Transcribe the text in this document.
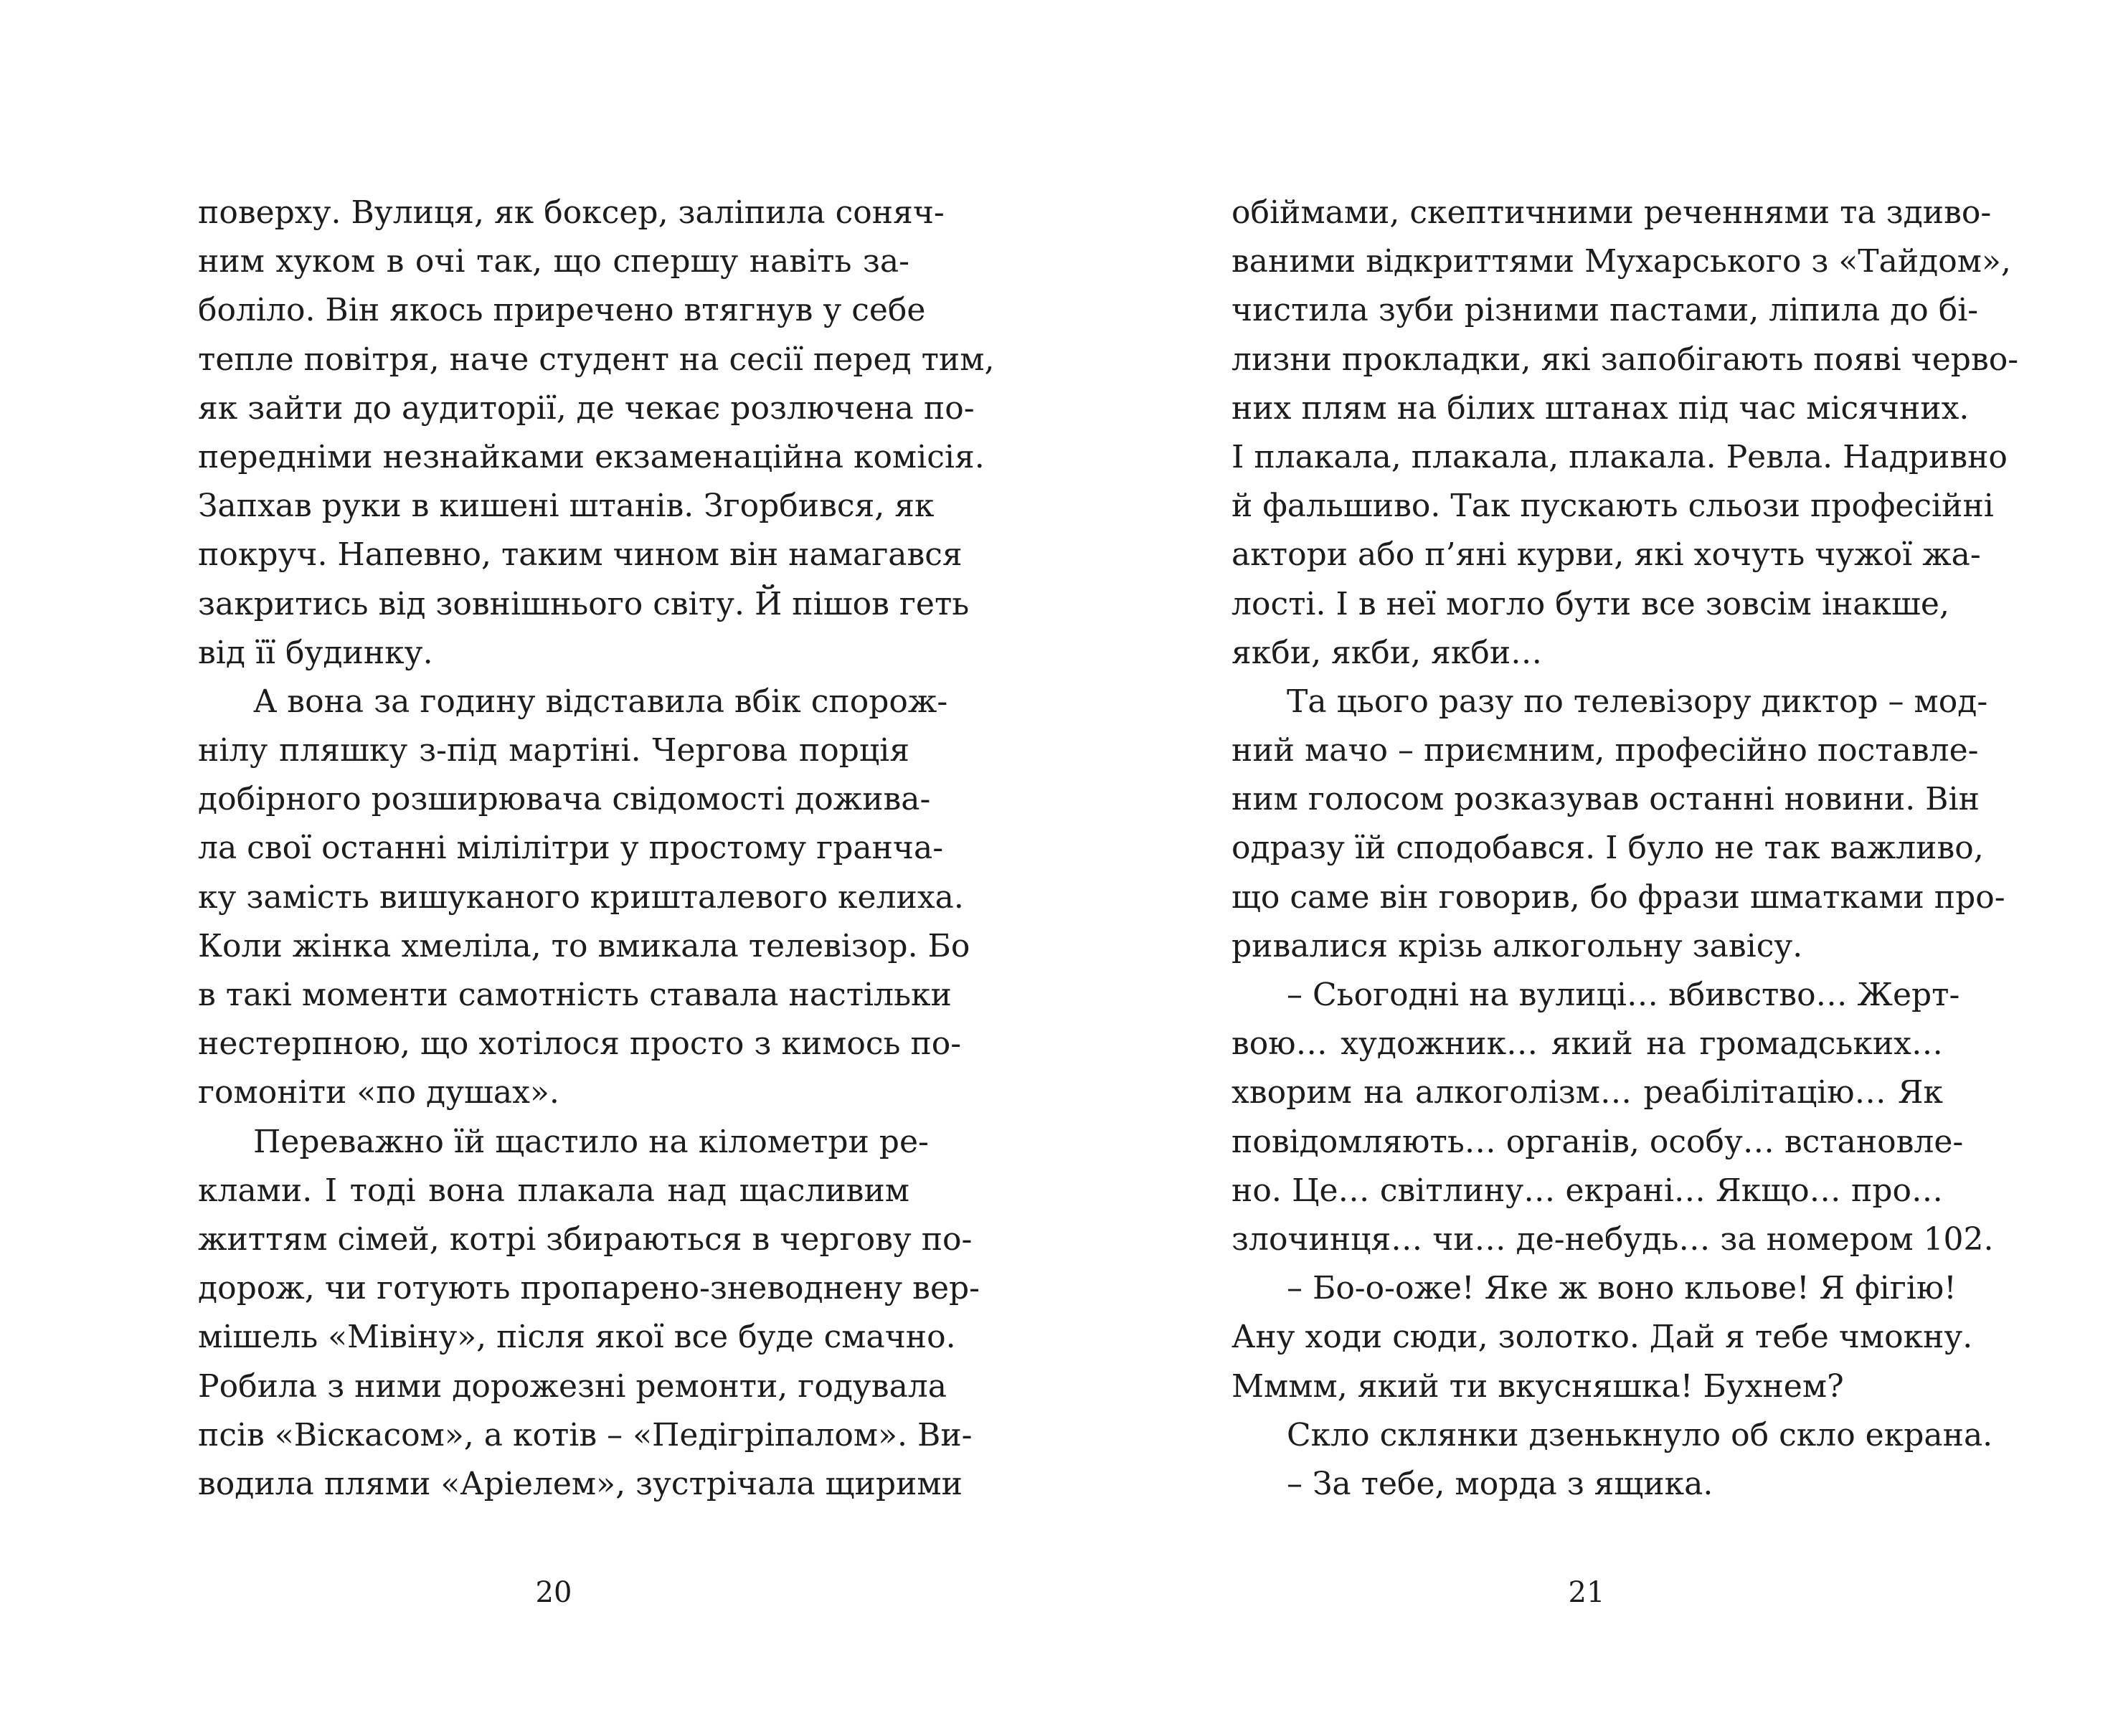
поверху. Вулиця, як боксер, заліпила соняч-
ним хуком в очі так, що спершу навіть за-
боліло. Він якось приречено втягнув у себе
тепле повітря, наче студент на сесії перед тим,
як зайти до аудиторії, де чекає розлючена по-
передніми незнайками екзаменаційна комісія.
Запхав руки в кишені штанів. Згорбився, як
покруч. Напевно, таким чином він намагався
закритись від зовнішнього світу. Й пішов геть
від її будинку.
А вона за годину відставила вбік спорож-
нілу пляшку з-під мартіні. Чергова порція
добірного розширювача свідомості дожива-
ла свої останні мілілітри у простому гранча-
ку замість вишуканого кришталевого келиха.
Коли жінка хмеліла, то вмикала телевізор. Бо
в такі моменти самотність ставала настільки
нестерпною, що хотілося просто з кимось по-
гомоніти «по душах».
Переважно їй щастило на кілометри ре-
клами. І тоді вона плакала над щасливим
життям сімей, котрі збираються в чергову по-
дорож, чи готують пропарено-зневоднену вер-
мішель «Мівіну», після якої все буде смачно.
Робила з ними дорожезні ремонти, годувала
псів «Віскасом», а котів – «Педігріпалом». Ви-
водила плями «Аріелем», зустрічала щирими
20
обіймами, скептичними реченнями та здиво-
ваними відкриттями Мухарського з «Тайдом»,
чистила зуби різними пастами, ліпила до бі-
лизни прокладки, які запобігають появі черво-
них плям на білих штанах під час місячних.
І плакала, плакала, плакала. Ревла. Надривно
й фальшиво. Так пускають сльози професійні
актори або п’яні курви, які хочуть чужої жа-
лості. І в неї могло бути все зовсім інакше,
якби, якби, якби…
Та цього разу по телевізору диктор – мод-
ний мачо – приємним, професійно поставле-
ним голосом розказував останні новини. Він
одразу їй сподобався. І було не так важливо,
що саме він говорив, бо фрази шматками про-
ривалися крізь алкогольну завісу.
– Сьогодні на вулиці… вбивство… Жерт-
вою… художник… який на громадських…
хворим на алкоголізм… реабілітацію… Як
повідомляють… органів, особу… встановле-
но. Це… світлину… екрані… Якщо… про…
злочинця… чи… де-небудь… за номером 102.
– Бо-о-оже! Яке ж воно кльове! Я фігію!
Ану ходи сюди, золотко. Дай я тебе чмокну.
Мммм, який ти вкусняшка! Бухнем?
Скло склянки дзенькнуло об скло екрана.
– За тебе, морда з ящика.
21
